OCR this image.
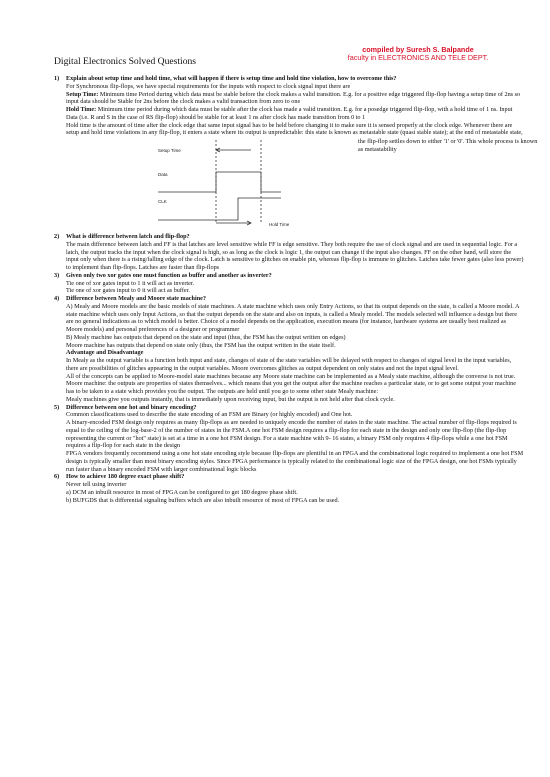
compiled by Suresh S. Balpande
faculty in ELECTRONICS AND TELE DEPT.
Digital Electronics Solved Questions
1) Explain about setup time and hold time, what will happen if there is setup time and hold tine violation, how to overcome this?

For Synchronous flip-flops, we have special requirements for the inputs with respect to clock signal input there are

Setup Time: Minimum time Period during which data must be stable before the clock makes a valid transition. E.g. for a positive edge triggered flip-flop having a setup time of 2ns so input data should be Stable for 2ns before the clock makes a valid transaction from zero to one

Hold Time: Minimum time period during which data must be stable after the clock has made a valid transition. E.g. for a posedge triggered flip-flop, with a hold time of 1 ns. Input Data (i.e. R and S in the case of RS flip-flop) should be stable for at least 1 ns after clock has made transition from 0 to 1

Hold time is the amount of time after the clock edge that same input signal has to be held before changing it to make sure it is sensed properly at the clock edge. Whenever there are setup and hold time violations in any flip-flop, it enters a state where its output is unpredictable: this state is known as metastable state (quasi stable state); at the end of metastable state,

Setup Time
Data
CLK
Hold Time

the flip-flop settles down to either '1' or '0'. This whole process is known as metastability

2) What is difference between latch and flip-flop?

The main difference between latch and FF is that latches are level sensitive while FF is edge sensitive. They both require the use of clock signal and are used in sequential logic. For a latch, the output tracks the input when the clock signal is high, so as long as the clock is logic 1, the output can change if the input also changes. FF on the other hand, will store the input only when there is a rising/falling edge of the clock. Latch is sensitive to glitches on enable pin, whereas flip-flop is immune to glitches. Latches take fewer gates (also less power) to implement than flip-flops. Latches are faster than flip-flops

3) Given only two xor gates one must function as buffer and another as inverter?

Tie one of xor gates input to 1 it will act as inverter.

Tie one of xor gates input to 0 it will act as buffer.

4) Difference between Mealy and Moore state machine?

A) Mealy and Moore models are the basic models of state machines. A state machine which uses only Entry Actions, so that its output depends on the state, is called a Moore model. A state machine which uses only Input Actions, so that the output depends on the state and also on inputs, is called a Mealy model. The models selected will influence a design but there are no general indications as to which model is better. Choice of a model depends on the application, execution means (for instance, hardware systems are usually best realized as Moore models) and personal preferences of a designer or programmer

B) Mealy machine has outputs that depend on the state and input (thus, the FSM has the output written on edges)

Moore machine has outputs that depend on state only (thus, the FSM has the output written in the state itself.

Advantage and Disadvantage

In Mealy as the output variable is a function both input and state, changes of state of the state variables will be delayed with respect to changes of signal level in the input variables, there are possibilities of glitches appearing in the output variables. Moore overcomes glitches as output dependent on only states and not the input signal level.

All of the concepts can be applied to Moore-model state machines because any Moore state machine can be implemented as a Mealy state machine, although the converse is not true.

Moore machine: the outputs are properties of states themselves... which means that you get the output after the machine reaches a particular state, or to get some output your machine has to be taken to a state which provides you the output. The outputs are held until you go to some other state Mealy machine:

Mealy machines give you outputs instantly, that is immediately upon receiving input, but the output is not held after that clock cycle.

5) Difference between one hot and binary encoding?

Common classifications used to describe the state encoding of an FSM are Binary (or highly encoded) and One hot.

A binary-encoded FSM design only requires as many flip-flops as are needed to uniquely encode the number of states in the state machine. The actual number of flip-flops required is equal to the ceiling of the log-base-2 of the number of states in the FSM.A one hot FSM design requires a flip-flop for each state in the design and only one flip-flop (the flip-flop representing the current or "hot" state) is set at a time in a one hot FSM design. For a state machine with 9- 16 states, a binary FSM only requires 4 flip-flops while a one hot FSM requires a flip-flop for each state in the design

FPGA vendors frequently recommend using a one hot state encoding style because flip-flops are plentiful in an FPGA and the combinational logic required to implement a one hot FSM design is typically smaller than most binary encoding styles. Since FPGA performance is typically related to the combinational logic size of the FPGA design, one hot FSMs typically run faster than a binary encoded FSM with larger combinational logic blocks

6) How to achieve 180 degree exact phase shift?

Never tell using inverter

a) DCM an inbuilt resource in most of FPGA can be configured to get 180 degree phase shift.

b) BUFGDS that is differential signaling buffers which are also inbuilt resource of most of FPGA can be used.
